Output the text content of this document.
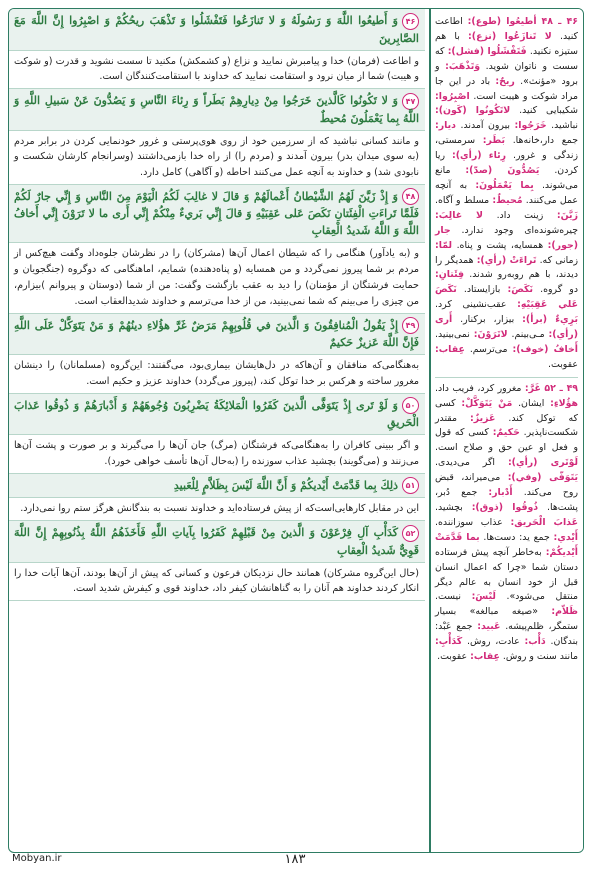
۴۶وَ أَطيعُوا اللَّهَ وَ رَسُولَهُ وَ لا تَنازَعُوا فَتَفْشَلُوا وَ تَذْهَبَ ريحُكُمْ وَ اصْبِرُوا إِنَّ اللَّهَ مَعَ الصَّابِرينَ
و اطاعت (فرمان) خدا و پیامبرش نمایید و نزاع (و کشمکش) مکنید تا سست نشوید و قدرت (و شوکت و هیبت) شما از میان نرود و استقامت نمایید که خداوند با استقامت‌کنندگان است.
۴۷وَ لا تَكُونُوا كَالَّذينَ خَرَجُوا مِنْ دِيارِهِمْ بَطَراً وَ رِئاءَ النَّاسِ وَ يَصُدُّونَ عَنْ سَبيلِ اللَّهِ وَ اللَّهُ بِما يَعْمَلُونَ مُحيطٌ
و مانند کسانی نباشید که از سرزمین خود از روی هوی‌پرستی و غرور خودنمایی کردن در برابر مردم (به سوی میدان بدر) بیرون آمدند و (مردم را) از راه خدا بازمی‌داشتند (وسرانجام کارشان شکست و نابودی شد) و خداوند به آنچه عمل می‌کنند احاطه (و آگاهی) کامل دارد.
۴۸وَ إِذْ زَيَّنَ لَهُمُ الشَّيْطانُ أَعْمالَهُمْ وَ قالَ لا غالِبَ لَكُمُ الْيَوْمَ مِنَ النَّاسِ وَ إِنِّي جارٌ لَكُمْ فَلَمَّا تَراءَتِ الْفِئَتانِ نَكَصَ عَلى عَقِبَيْهِ وَ قالَ إِنِّي بَريءٌ مِنْكُمْ إِنِّي أَرى ما لا تَرَوْنَ إِنِّي أَخافُ اللَّهَ وَ اللَّهُ شَديدُ الْعِقابِ
و (به یادآور) هنگامی را که شیطان اعمال آن‌ها (مشرکان) را در نظرشان جلوه‌داد وگفت هیچ‌کس از مردم بر شما پیروز نمی‌گردد و من همسایه (و پناه‌دهنده) شمایم، اماهنگامی که دوگروه (جنگجویان و حمایت فرشتگان از مؤمنان) را دید به عقب بازگشت وگفت: من از شما (دوستان و پیروانم )بیزارم، من چیزی را می‌بینم که شما نمی‌بینید، من از خدا می‌ترسم و خداوند شدیدالعقاب است.
۴۹إِذْ يَقُولُ الْمُنافِقُونَ وَ الَّذينَ في قُلُوبِهِمْ مَرَضٌ غَرَّ هؤُلاءِ دينُهُمْ وَ مَنْ يَتَوَكَّلْ عَلَى اللَّهِ فَإِنَّ اللَّهَ عَزيزٌ حَكيمٌ
به‌هنگامی‌که منافقان و آن‌هاکه در دل‌هایشان بیماری‌بود، می‌گفتند: این‌گروه (مسلمانان) را دینشان مغرور ساخته و هرکس بر خدا توکل کند، (پیروز می‌گردد) خداوند عزیز و حکیم است.
۵۰وَ لَوْ تَرى إِذْ يَتَوَفَّى الَّذينَ كَفَرُوا الْمَلائِكَةُ يَضْرِبُونَ وُجُوهَهُمْ وَ أَدْبارَهُمْ وَ ذُوقُوا عَذابَ الْحَريقِ
و اگر ببینی کافران را به‌هنگامی‌که فرشتگان (مرگ) جان آن‌ها را می‌گیرند و بر صورت و پشت آن‌ها می‌زنند و (می‌گویند) بچشید عذاب سوزنده را (به‌حال آن‌ها تأسف خواهی خورد).
۵۱ذلِكَ بِما قَدَّمَتْ أَيْديكُمْ وَ أَنَّ اللَّهَ لَيْسَ بِظَلاَّمٍ لِلْعَبيدِ
این در مقابل کارهایی‌است‌که از پیش فرستاده‌اید و خداوند نسبت به بندگانش هرگز ستم روا نمی‌دارد.
۵۲كَدَأْبِ آلِ فِرْعَوْنَ وَ الَّذينَ مِنْ قَبْلِهِمْ كَفَرُوا بِآياتِ اللَّهِ فَأَخَذَهُمُ اللَّهُ بِذُنُوبِهِمْ إِنَّ اللَّهَ قَوِيٌّ شَديدُ الْعِقابِ
(حال این‌گروه مشرکان) همانند حال نزدیکان فرعون و کسانی که پیش از آن‌ها بودند، آن‌ها آیات خدا را انکار کردند خداوند هم آنان را به گناهانشان کیفر داد، خداوند قوی و کیفرش شدید است.
۴۶ ـ ۴۸ أطيعُوا (طوع): اطاعت کنید. لا تَنازَعُوا (نزع): با هم ستیزه نکنید. فَتَفْشَلُوا (فشل): که سست و ناتوان شوید. وَتَذْهَبَ: و برود «مؤنث». ريحٌ: باد در این جا مراد شوکت و هیبت است. اصْبِرُوا: شکیبایی کنید. لاتَكُونُوا (كَون): نباشید. خَرَجُوا: بیرون آمدند. ديار: جمع دار،خانه‌ها. بَطَر: سرمستی، زندگی و غرور. رِئاء (رأي): ریا کردن. يَصُدُّونَ (صدّ): مانع می‌شوند. بِما يَعْمَلُونَ: به آنچه عمل می‌کنند. مُحيطٌ: مسلط و آگاه. زَيَّنَ: زینت داد. لا غالِبَ: چیره‌شونده‌ای وجود ندارد. جار (جور): همسایه، پشت و پناه. لمّا: زمانی که. تَراءَتْ (رأي): همدیگر را دیدند، با هم روبه‌رو شدند. فِئَتانِ: دو گروه. نَكَصَ: بازایستاد. نَكَصَ عَلي عَقِبَيْهِ: عقب‌نشینی کرد. بَرِيءٌ (برأ): بیزار، برکنار. أَرى (رأي): مـی‌بینم. لاتَرَوْنَ: نمی‌بینید. أَخافُ (خوف): می‌ترسم. عِقاب: عقوبت.
۴۹ ـ ۵۲ غَرَّ: مغرور کرد، فریب داد. هؤُلاءِ: ایشان. مَنْ يَتَوَكَّلْ: کسی که توکل کند. عَزيزٌ: مقتدر شکست‌ناپذیر. حَكيمٌ: کسی که قول و فعل او عین حق و صلاح است. لَوْتَرى (رأي): اگر می‌دیدی. يَتَوَفّى (وفي): می‌میراند، قبض روح می‌کند. أَدْبار: جمع دُبر، پشت‌ها. ذُوقُوا (ذوق): بچشید. عَذابَ الْحَريق: عذاب سوزاننده. أَيْدي: جمع يد: دست‌ها. بما قَدَّمَتْ أَيْديكُمْ: به‌خاطر آنچه پیش فرستاده دستان شما «چرا که اعمال انسان قبل از خود انسان به عالم دیگر منتقل می‌شود». لَيْسَ: نیست. ظَلاّم: «صیغه مبالغه» بسیار ستمگر، ظلم‌پیشه. عَبيد: جمع عَبْد: بندگان. دَأْب: عادت، روش. كَدَأْبِ: مانند سنت و روش. عِقاب: عقوبت.
Mobyan.ir	۱۸۳
